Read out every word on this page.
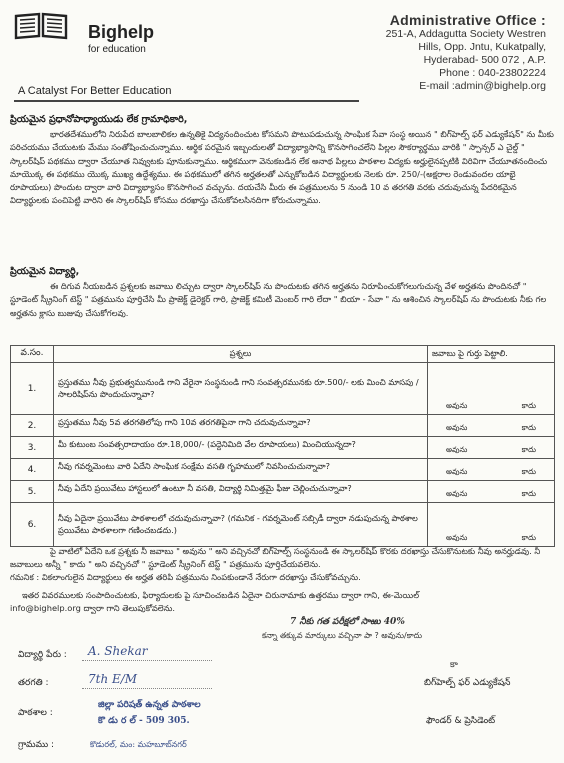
Bighelp
for education
A Catalyst For Better Education
Administrative Office :
251-A, Addagutta Society Westren
Hills, Opp. Jntu, Kukatpally,
Hyderabad- 500 072 , A.P.
Phone : 040-23802224
E-mail :admin@bighelp.org
ప్రియమైన ప్రధానోపాధ్యాయుడు లేక గ్రామాధికారి,
భారతదేశములోని నిరుపేద బాలబాలికల ఉన్నతికై విద్యనందించుట కోసమని పొటుపడుచున్న సాంఘిక సేవా సంస్థ అయిన " బిగ్‌హెల్ప్ ఫర్ ఎడ్యుకేషన్" ను మీకు పరిచయము చేయుటకు మేము సంతోషించుచున్నాము. ఆర్థిక పరమైన ఇబ్బందులతో విద్యాభ్యాసాన్ని కొనసాగించలేని పిల్లల సౌకర్యార్థము వారికి " స్పాన్సర్ ఎ చైల్డ్ " స్కాలర్‌షిప్ పథకము ద్వారా చేయూత నివ్వుటకు పూనుకున్నాము. ఆర్థికముగా వెనుకబడిన లేక అనాథ పిల్లలు పాఠశాల విద్యకు అర్హులైనప్పటికి విరివిగా చేయూతనందించు మాయొక్క ఈ పథకము యొక్క ముఖ్య ఉద్దేశ్యము. ఈ పథకములో తగిన అర్హతలతో ఎన్నుకోబడిన విద్యార్థులకు నెలకు రూ. 250/-(అక్షరాల రెండువందల యాభై రూపాయలు) పొందుట ద్వారా వారి విద్యాభ్యాసం కొనసాగించ వచ్చును. దయచేసి మీరు ఈ పత్రములను 5 నుండి 10 వ తరగతి వరకు చదువుచున్న పేదరికమైన విద్యార్థులకు పంచిపెట్టి వారిని ఈ స్కాలర్‌షిప్ కోసము దరఖాస్తు చేసుకోవలసినదిగా కోరుచున్నాము.
ప్రియమైన విద్యార్థి,
ఈ దిగువ నీయబడిన ప్రశ్నలకు జవాబు లిచ్చుట ద్వారా స్కాలర్‌షిప్ ను పొందుటకు తగిన అర్హతను నిరూపించుకోగలుగుచున్న వేళ అర్హతను పొందినచో " స్టూడెంట్ స్క్రీనింగ్ టెస్ట్ " పత్రమును పూర్తిచేసి మీ ప్రాజెక్ట్ డైరెక్టర్ గారి, ప్రాజెక్ట్ కమిటీ మెంబర్ గారి లేదా " బియా - సేవా " ను ఆశించిన స్కాలర్‌షిప్ ను పొందుటకు నీకు గల అర్హతను క్లాసు బుజువు చేసుకోగలవు.
వ.సం.	ప్రశ్నలు	జవాబు పై గుర్తు పెట్టాలి.
1.	ప్రస్తుతము నీవు ప్రభుత్వమునుండి గాని వేరైనా సంస్థనుండి గాని సంవత్సరమునకు రూ.500/- లకు మించి మాసపు / సాలరిషిప్‌ను పొందుచున్నావా?	అవును కాదు

2.	ప్రస్తుతము నీవు 5వ తరగతిలోపు గాని 10వ తరగతిపైనా గాని చదువుచున్నావా?	అవును కాదు

3.	మీ కుటుంబ సంవత్సరాదాయం రూ.18,000/- (పద్దెనిమిది వేల రూపాయలు) మించియున్నదా?	అవును కాదు

4.	నీవు గవర్నమెంటు వారి ఏదేని సాంఘిక సంక్షేమ వసతి గృహములో నివసించుచున్నావా?	అవును కాదు

5.	నీవు ఏదేని ప్రయివేటు హాస్టలులో ఉంటూ నీ వసతి, విద్యార్థి నిమిత్తమై ఫీజు చెల్లించుచున్నావా?	అవును కాదు

6.	నీవు ఏదైనా ప్రయివేటు పాఠశాలలో చదువుచున్నావా? (గమనిక - గవర్నమెంట్ సబ్సిడీ ద్వారా నడుపుచున్న పాఠశాల ప్రయివేటు పాఠశాలగా గణించబడదు.)	అవును కాదు
పై వాటిలో ఏదేని ఒక ప్రశ్నకు నీ జవాబు " అవును " అని వచ్చినచో బిగ్‌హెల్ప్ సంస్థనుండి ఈ స్కాలర్‌షిప్ కొరకు దరఖాస్తు చేసుకొనుటకు నీవు అనర్హుడవు. నీ జవాబులు అన్నీ " కాదు " అని వచ్చినచో " స్టూడెంట్ స్క్రీనింగ్ టెస్ట్ " పత్రమును పూర్తిచేయవలెను.
గమనిక : వికలాంగులైన విద్యార్థులు ఈ అర్హత తరిపి పత్రమును నింపకుండానే నేరుగా దరఖాస్తు చేసుకోవచ్చును.
ఇతర వివరములకు సంపాదించుటకు, ఫిర్యాదులకు పై సూచించబడిన ఏదైనా చిరునామాకు ఉత్తరము ద్వారా గాని, ఈ-మెయిల్
info@bighelp.org ద్వారా గాని తెలుపుకోవలెను.
7 నీకు గత పరీక్షలో సాఱు 40%
కన్నా తక్కువ మార్కులు వచ్చినా ఎా ? అవును/కాదు
కా
విద్యార్థి పేరు : A. Shekar
తరగతి :	7th E/M
పాఠశాల :
జిల్లా పరిషత్ ఉన్నత పాఠశాల
కొ డు ర ల్ - 509 305.
గ్రామము :	కొడురల్, మం: మహబూబ్‌నగర్
బిగ్‌హెల్ప్ ఫర్ ఎడ్యుకేషన్
ఫౌండర్ & ప్రెసిడెంట్
